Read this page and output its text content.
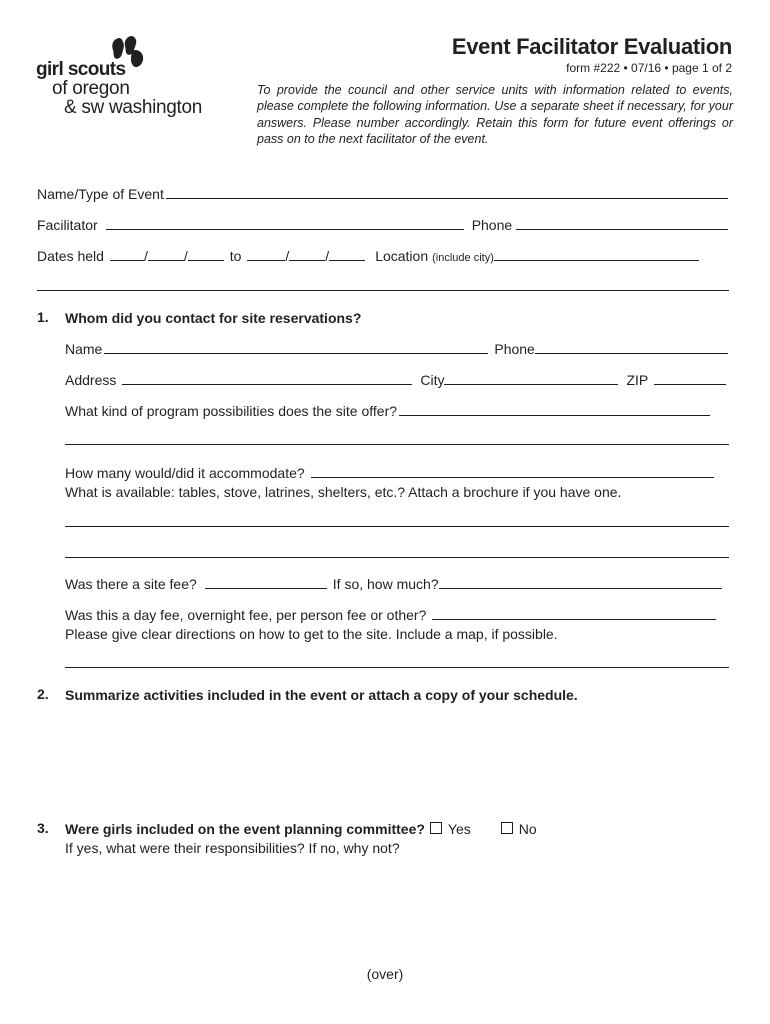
girl scouts
of oregon
& sw washington
Event Facilitator Evaluation
form #222 • 07/16 • page 1 of 2
To provide the council and other service units with information related to events, please complete the following information. Use a separate sheet if necessary, for your answers. Please number accordingly. Retain this form for future event offerings or pass on to the next facilitator of the event.
Name/Type of Event
Facilitator	Phone
Dates held	/	/	to	/	/	Location (include city)
1. Whom did you contact for site reservations?
Name	Phone
Address	City	ZIP
What kind of program possibilities does the site offer?
How many would/did it accommodate?
What is available: tables, stove, latrines, shelters, etc.? Attach a brochure if you have one.
Was there a site fee?	If so, how much?
Was this a day fee, overnight fee, per person fee or other?
Please give clear directions on how to get to the site. Include a map, if possible.
2. Summarize activities included in the event or attach a copy of your schedule.
3. Were girls included on the event planning committee? Yes	No
If yes, what were their responsibilities? If no, why not?
(over)
